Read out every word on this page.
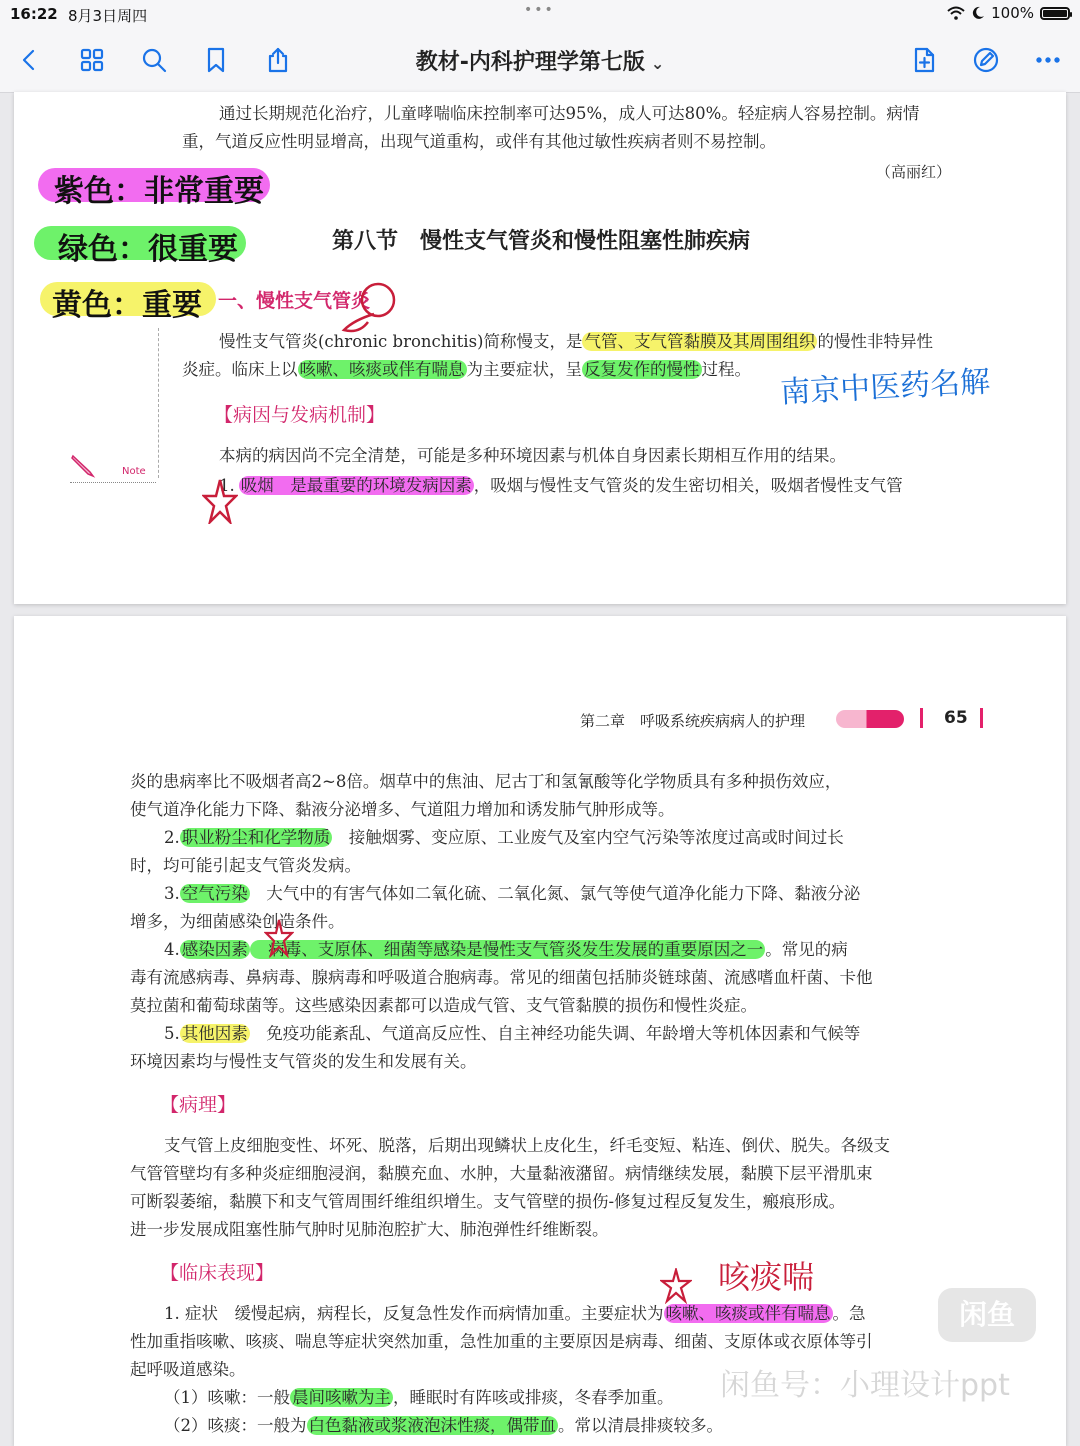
16:22 8月3日周四	•••	100%
教材-内科护理学第七版 ⌄
通过长期规范化治疗，儿童哮喘临床控制率可达95%，成人可达80%。轻症病人容易控制。病情
重，气道反应性明显增高，出现气道重构，或伴有其他过敏性疾病者则不易控制。
（高丽红）
紫色：非常重要
绿色：很重要
黄色：重要
第八节　慢性支气管炎和慢性阻塞性肺疾病
一、慢性支气管炎
慢性支气管炎(chronic bronchitis)简称慢支，是 气管、支气管黏膜及其周围组织 的慢性非特异性
炎症。临床上以 咳嗽、咳痰或伴有喘息 为主要症状，呈 反复发作的慢性 过程。 南京中医药名解
【病因与发病机制】
本病的病因尚不完全清楚，可能是多种环境因素与机体自身因素长期相互作用的结果。
1. 吸烟　是最重要的环境发病因素 ，吸烟与慢性支气管炎的发生密切相关，吸烟者慢性支气管
Note
第二章　呼吸系统疾病病人的护理	65
炎的患病率比不吸烟者高2~8倍。烟草中的焦油、尼古丁和氢氰酸等化学物质具有多种损伤效应，
使气道净化能力下降、黏液分泌增多、气道阻力增加和诱发肺气肿形成等。
2. 职业粉尘和化学物质　接触烟雾、变应原、工业废气及室内空气污染等浓度过高或时间过长
时，均可能引起支气管炎发病。
3. 空气污染　大气中的有害气体如二氧化硫、二氧化氮、氯气等使气道净化能力下降、黏液分泌
增多，为细菌感染创造条件。
4. 感染因素　病毒、支原体、细菌等感染是慢性支气管炎发生发展的重要原因之一 。常见的病
毒有流感病毒、鼻病毒、腺病毒和呼吸道合胞病毒。常见的细菌包括肺炎链球菌、流感嗜血杆菌、卡他
莫拉菌和葡萄球菌等。这些感染因素都可以造成气管、支气管黏膜的损伤和慢性炎症。
5. 其他因素　免疫功能紊乱、气道高反应性、自主神经功能失调、年龄增大等机体因素和气候等
环境因素均与慢性支气管炎的发生和发展有关。
【病理】
支气管上皮细胞变性、坏死、脱落，后期出现鳞状上皮化生，纤毛变短、粘连、倒伏、脱失。各级支
气管管壁均有多种炎症细胞浸润，黏膜充血、水肿，大量黏液潴留。病情继续发展，黏膜下层平滑肌束
可断裂萎缩，黏膜下和支气管周围纤维组织增生。支气管壁的损伤-修复过程反复发生，瘢痕形成。
进一步发展成阻塞性肺气肿时见肺泡腔扩大、肺泡弹性纤维断裂。
【临床表现】	咳痰喘
1. 症状　缓慢起病，病程长，反复急性发作而病情加重。主要症状为 咳嗽、咳痰或伴有喘息 。急
性加重指咳嗽、咳痰、喘息等症状突然加重，急性加重的主要原因是病毒、细菌、支原体或衣原体等引
起呼吸道感染。
（1）咳嗽：一般 晨间咳嗽为主 ，睡眠时有阵咳或排痰，冬春季加重。
（2）咳痰：一般为 白色黏液或浆液泡沫性痰，偶带血 。常以清晨排痰较多。
闲鱼
闲鱼号：小理设计ppt
